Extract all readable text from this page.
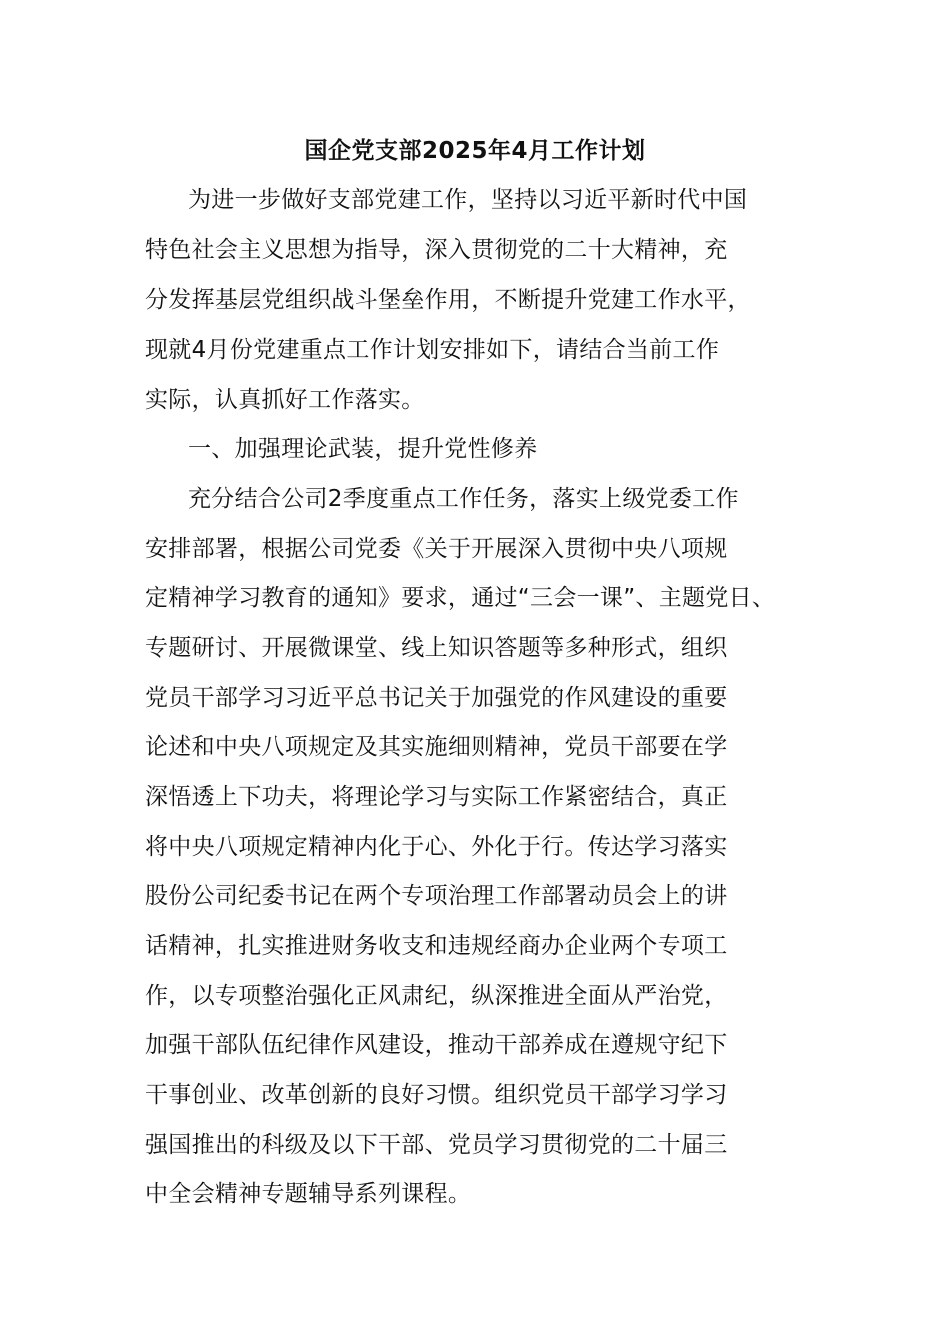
国企党支部2025年4月工作计划
为进一步做好支部党建工作，坚持以习近平新时代中国
特色社会主义思想为指导，深入贯彻党的二十大精神，充
分发挥基层党组织战斗堡垒作用，不断提升党建工作水平，
现就4月份党建重点工作计划安排如下，请结合当前工作
实际，认真抓好工作落实。
一、加强理论武装，提升党性修养
充分结合公司2季度重点工作任务，落实上级党委工作
安排部署，根据公司党委《关于开展深入贯彻中央八项规
定精神学习教育的通知》要求，通过“三会一课”、主题党日、
专题研讨、开展微课堂、线上知识答题等多种形式，组织
党员干部学习习近平总书记关于加强党的作风建设的重要
论述和中央八项规定及其实施细则精神，党员干部要在学
深悟透上下功夫，将理论学习与实际工作紧密结合，真正
将中央八项规定精神内化于心、外化于行。传达学习落实
股份公司纪委书记在两个专项治理工作部署动员会上的讲
话精神，扎实推进财务收支和违规经商办企业两个专项工
作，以专项整治强化正风肃纪，纵深推进全面从严治党，
加强干部队伍纪律作风建设，推动干部养成在遵规守纪下
干事创业、改革创新的良好习惯。组织党员干部学习学习
强国推出的科级及以下干部、党员学习贯彻党的二十届三
中全会精神专题辅导系列课程。
